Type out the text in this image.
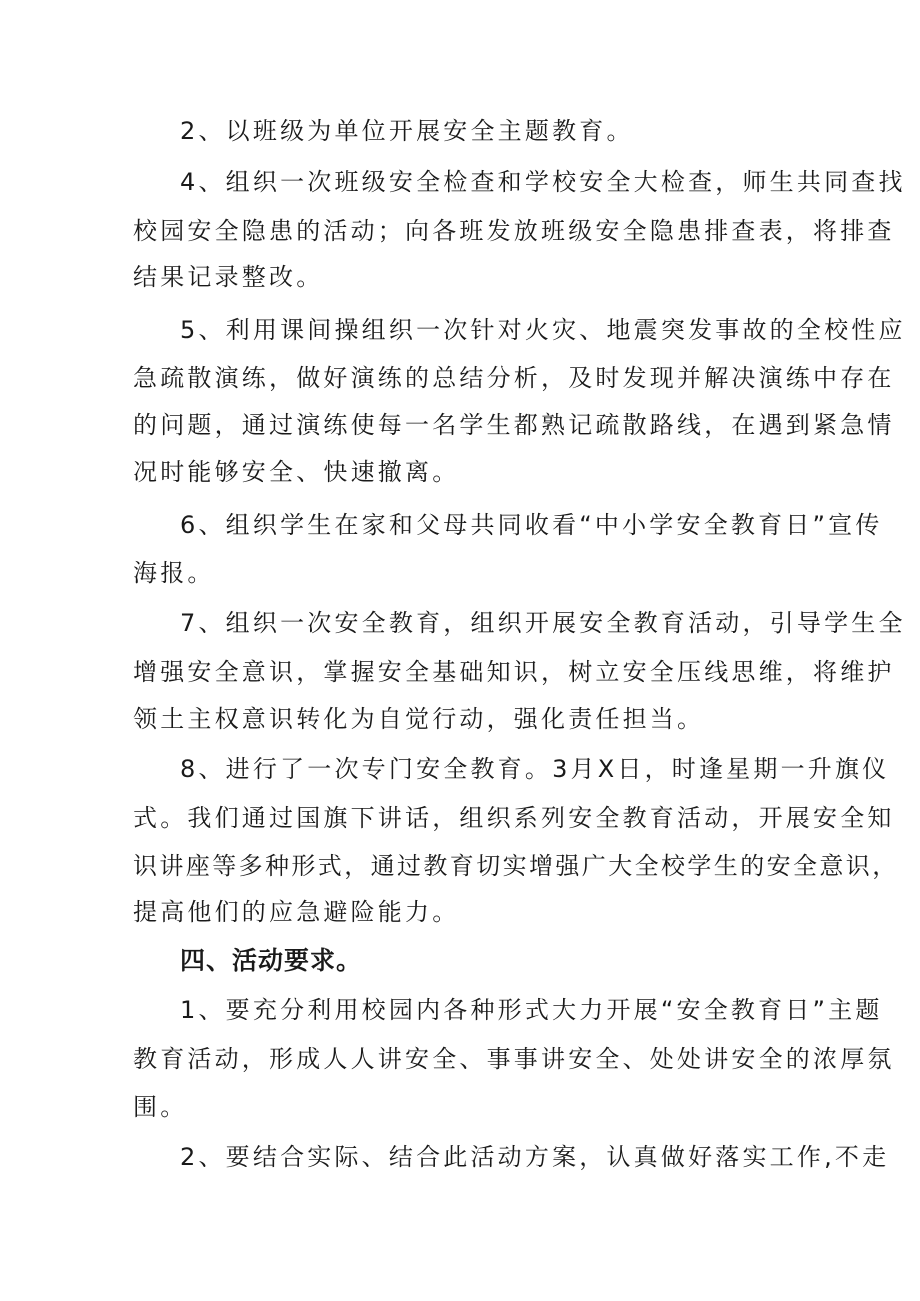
2、以班级为单位开展安全主题教育。
4、组织一次班级安全检查和学校安全大检查，师生共同查找
校园安全隐患的活动；向各班发放班级安全隐患排查表，将排查
结果记录整改。
5、利用课间操组织一次针对火灾、地震突发事故的全校性应
急疏散演练，做好演练的总结分析，及时发现并解决演练中存在
的问题，通过演练使每一名学生都熟记疏散路线，在遇到紧急情
况时能够安全、快速撤离。
6、组织学生在家和父母共同收看“中小学安全教育日”宣传
海报。
7、组织一次安全教育，组织开展安全教育活动，引导学生全
增强安全意识，掌握安全基础知识，树立安全压线思维，将维护
领土主权意识转化为自觉行动，强化责任担当。
8、进行了一次专门安全教育。3月X日，时逢星期一升旗仪
式。我们通过国旗下讲话，组织系列安全教育活动，开展安全知
识讲座等多种形式，通过教育切实增强广大全校学生的安全意识，
提高他们的应急避险能力。
四、活动要求。
1、要充分利用校园内各种形式大力开展“安全教育日”主题
教育活动，形成人人讲安全、事事讲安全、处处讲安全的浓厚氛
围。
2、要结合实际、结合此活动方案，认真做好落实工作,不走
